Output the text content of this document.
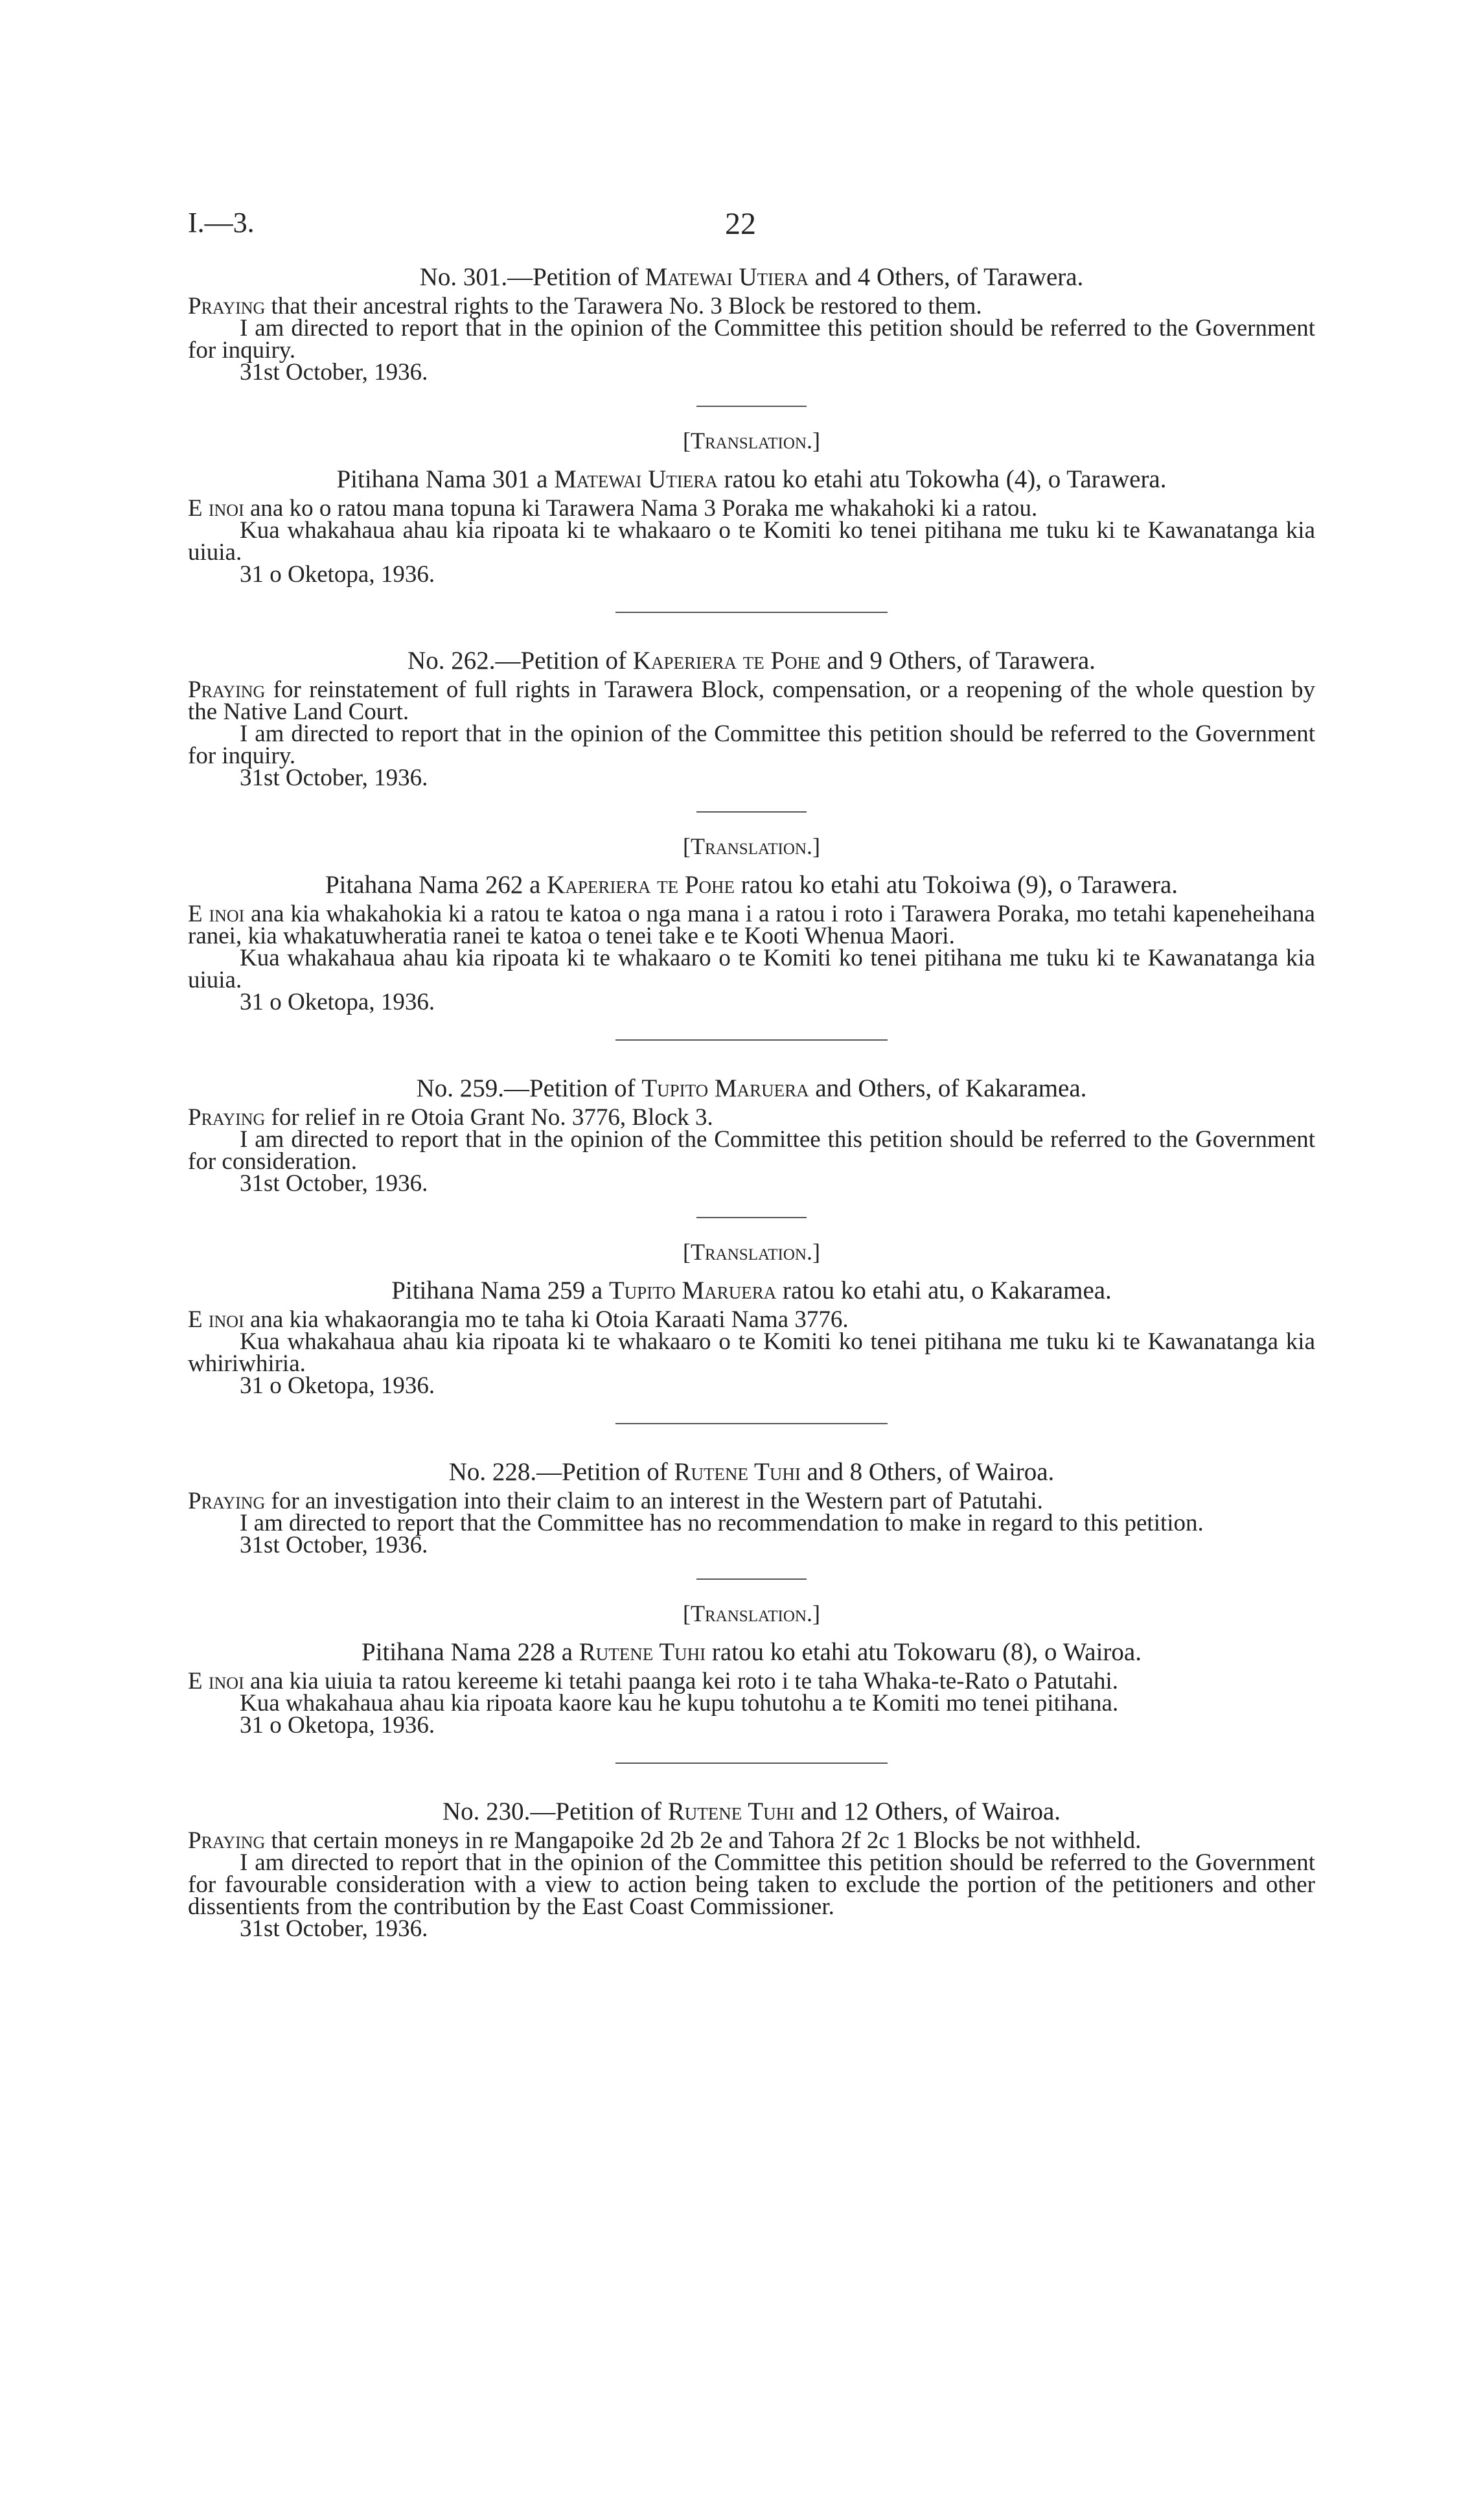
I.—3.	22

No. 301.—Petition of Matewai Utiera and 4 Others, of Tarawera.

Praying that their ancestral rights to the Tarawera No. 3 Block be restored to them.

I am directed to report that in the opinion of the Committee this petition should be referred to the Government for inquiry.

31st October, 1936.

[Translation.]

Pitihana Nama 301 a Matewai Utiera ratou ko etahi atu Tokowha (4), o Tarawera.

E inoi ana ko o ratou mana topuna ki Tarawera Nama 3 Poraka me whakahoki ki a ratou.

Kua whakahaua ahau kia ripoata ki te whakaaro o te Komiti ko tenei pitihana me tuku ki te Kawanatanga kia uiuia.

31 o Oketopa, 1936.

No. 262.—Petition of Kaperiera te Pohe and 9 Others, of Tarawera.

Praying for reinstatement of full rights in Tarawera Block, compensation, or a reopening of the whole question by the Native Land Court.

I am directed to report that in the opinion of the Committee this petition should be referred to the Government for inquiry.

31st October, 1936.

[Translation.]

Pitahana Nama 262 a Kaperiera te Pohe ratou ko etahi atu Tokoiwa (9), o Tarawera.

E inoi ana kia whakahokia ki a ratou te katoa o nga mana i a ratou i roto i Tarawera Poraka, mo tetahi kapeneheihana ranei, kia whakatuwheratia ranei te katoa o tenei take e te Kooti Whenua Maori.

Kua whakahaua ahau kia ripoata ki te whakaaro o te Komiti ko tenei pitihana me tuku ki te Kawanatanga kia uiuia.

31 o Oketopa, 1936.

No. 259.—Petition of Tupito Maruera and Others, of Kakaramea.

Praying for relief in re Otoia Grant No. 3776, Block 3.

I am directed to report that in the opinion of the Committee this petition should be referred to the Government for consideration.

31st October, 1936.

[Translation.]

Pitihana Nama 259 a Tupito Maruera ratou ko etahi atu, o Kakaramea.

E inoi ana kia whakaorangia mo te taha ki Otoia Karaati Nama 3776.

Kua whakahaua ahau kia ripoata ki te whakaaro o te Komiti ko tenei pitihana me tuku ki te Kawanatanga kia whiriwhiria.

31 o Oketopa, 1936.

No. 228.—Petition of Rutene Tuhi and 8 Others, of Wairoa.

Praying for an investigation into their claim to an interest in the Western part of Patutahi.

I am directed to report that the Committee has no recommendation to make in regard to this petition.

31st October, 1936.

[Translation.]

Pitihana Nama 228 a Rutene Tuhi ratou ko etahi atu Tokowaru (8), o Wairoa.

E inoi ana kia uiuia ta ratou kereeme ki tetahi paanga kei roto i te taha Whaka-te-Rato o Patutahi.

Kua whakahaua ahau kia ripoata kaore kau he kupu tohutohu a te Komiti mo tenei pitihana.

31 o Oketopa, 1936.

No. 230.—Petition of Rutene Tuhi and 12 Others, of Wairoa.

Praying that certain moneys in re Mangapoike 2d 2b 2e and Tahora 2f 2c 1 Blocks be not withheld.

I am directed to report that in the opinion of the Committee this petition should be referred to the Government for favourable consideration with a view to action being taken to exclude the portion of the petitioners and other dissentients from the contribution by the East Coast Commissioner.

31st October, 1936.
